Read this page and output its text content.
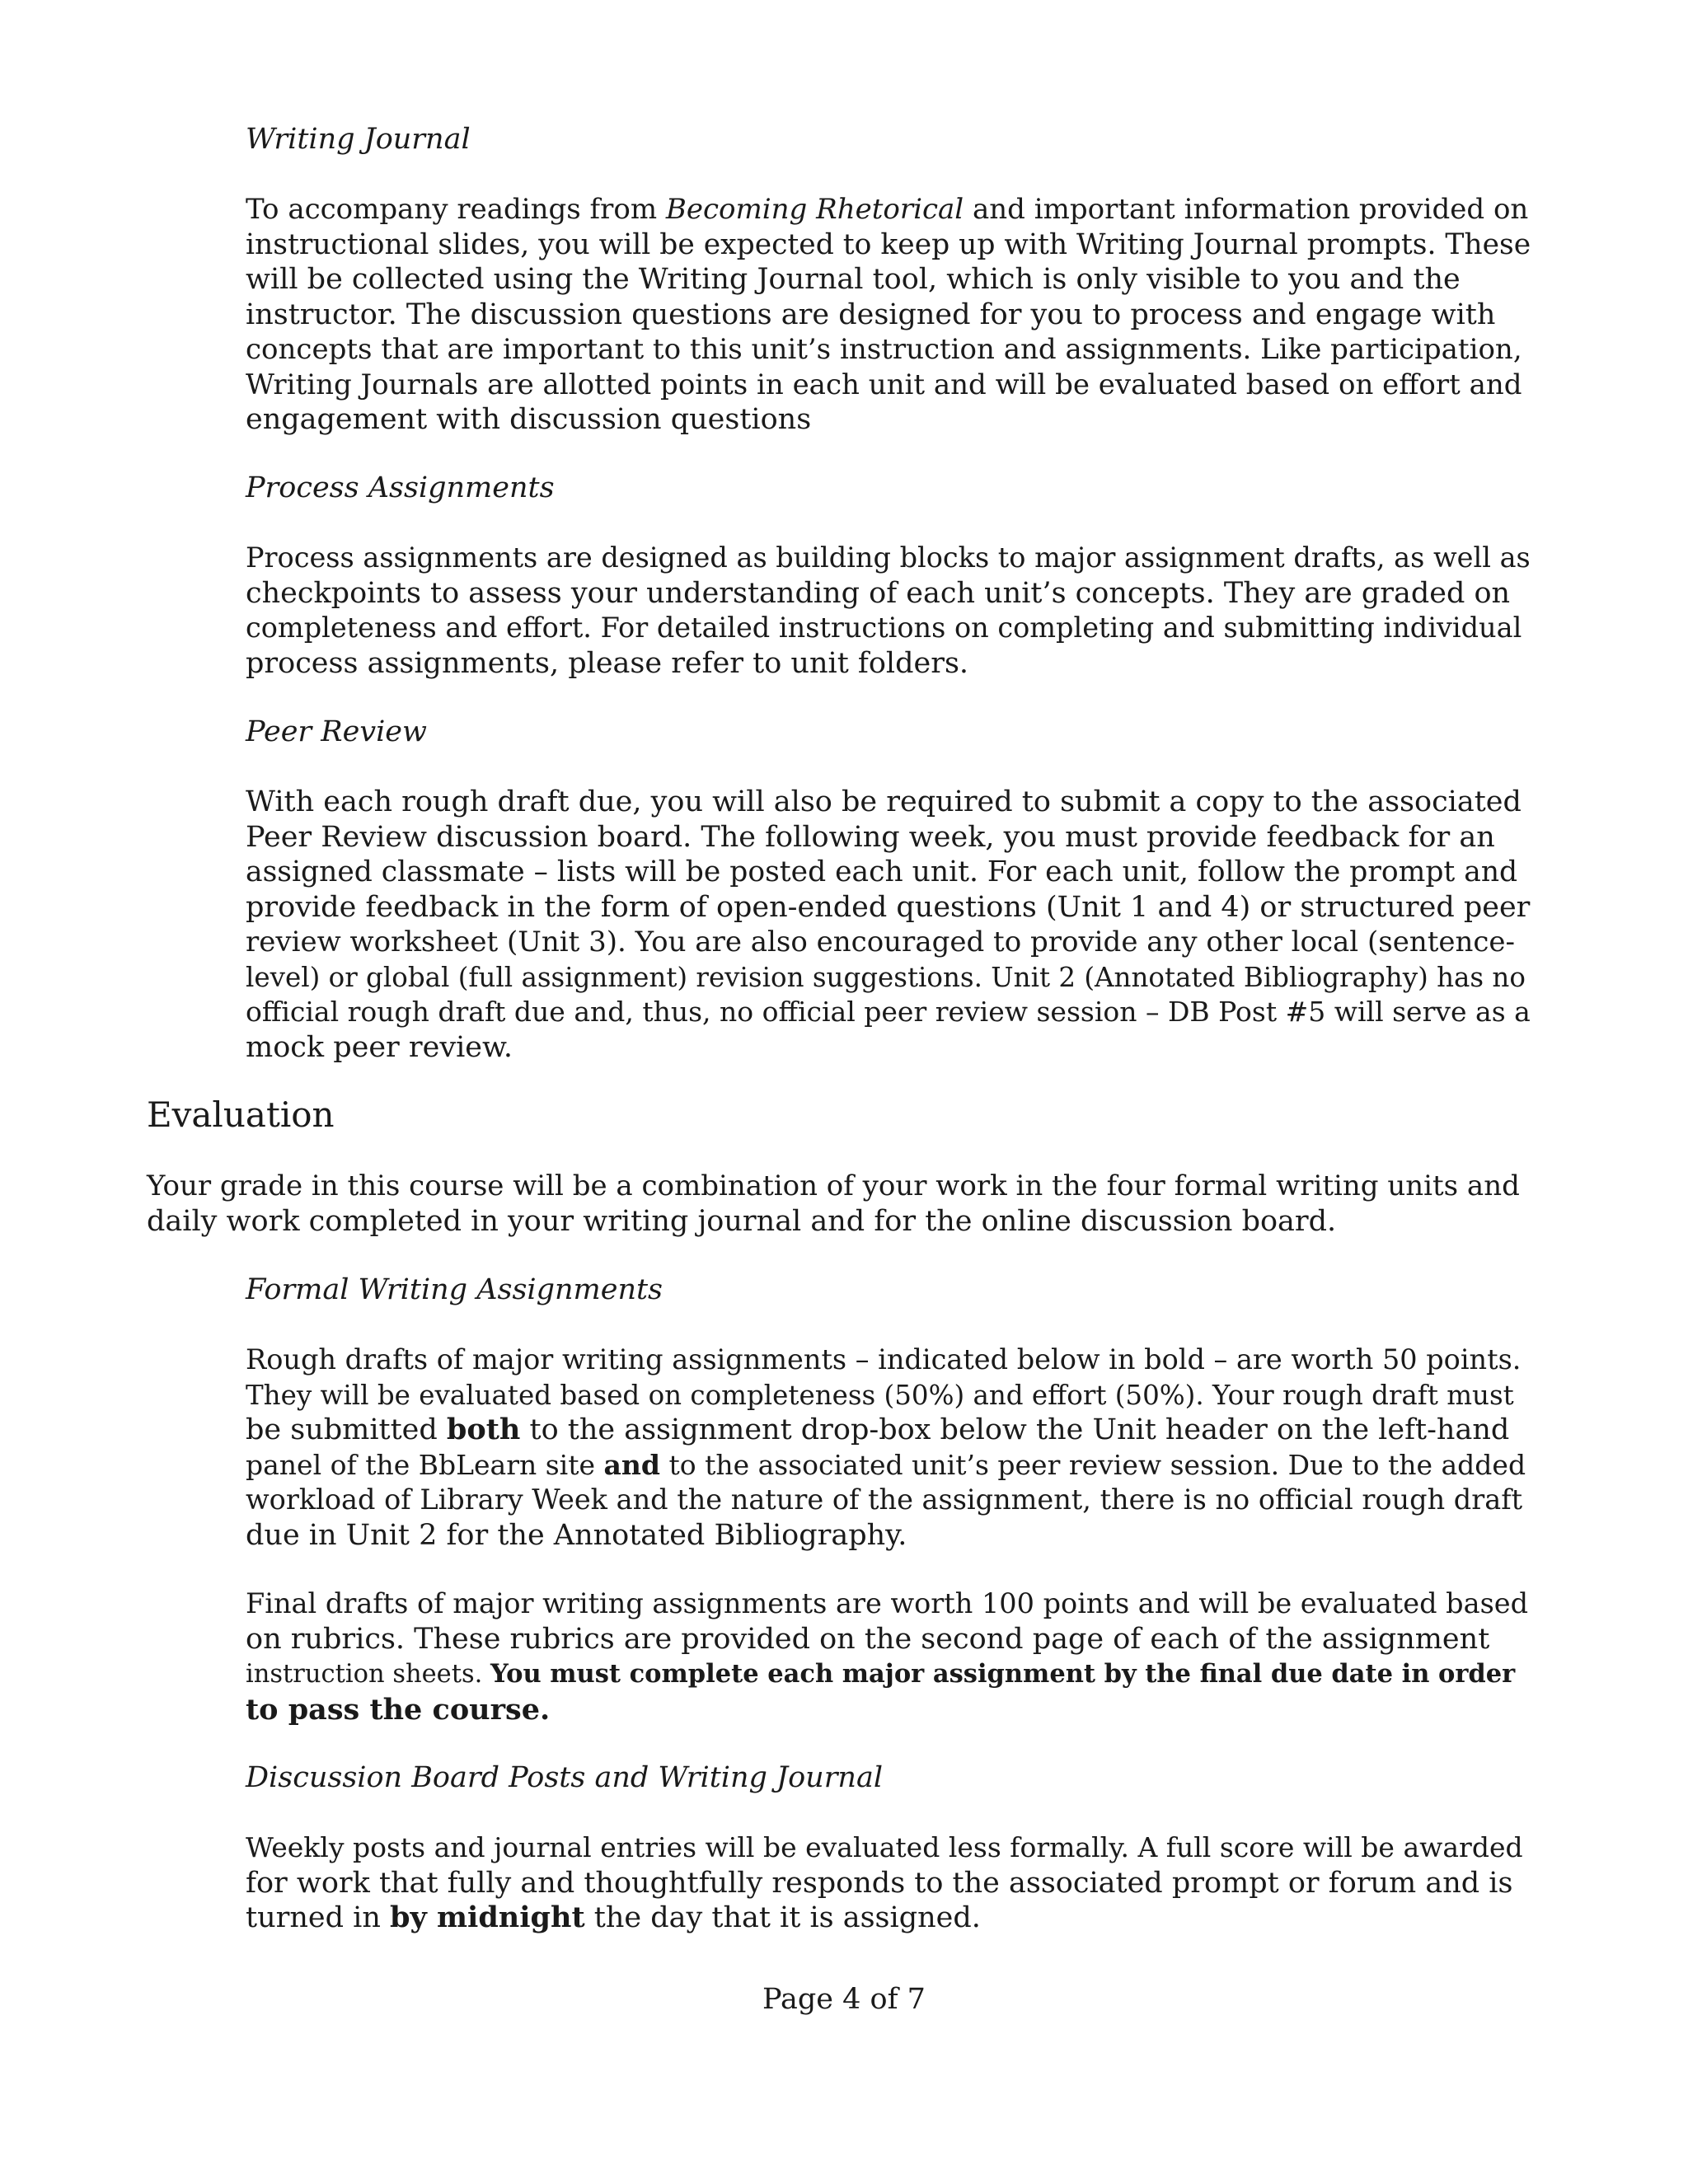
Writing Journal
To accompany readings from Becoming Rhetorical and important information provided on
instructional slides, you will be expected to keep up with Writing Journal prompts. These
will be collected using the Writing Journal tool, which is only visible to you and the
instructor. The discussion questions are designed for you to process and engage with
concepts that are important to this unit’s instruction and assignments. Like participation,
Writing Journals are allotted points in each unit and will be evaluated based on effort and
engagement with discussion questions
Process Assignments
Process assignments are designed as building blocks to major assignment drafts, as well as
checkpoints to assess your understanding of each unit’s concepts. They are graded on
completeness and effort. For detailed instructions on completing and submitting individual
process assignments, please refer to unit folders.
Peer Review
With each rough draft due, you will also be required to submit a copy to the associated
Peer Review discussion board. The following week, you must provide feedback for an
assigned classmate – lists will be posted each unit. For each unit, follow the prompt and
provide feedback in the form of open-ended questions (Unit 1 and 4) or structured peer
review worksheet (Unit 3). You are also encouraged to provide any other local (sentence-
level) or global (full assignment) revision suggestions. Unit 2 (Annotated Bibliography) has no
official rough draft due and, thus, no official peer review session – DB Post #5 will serve as a
mock peer review.
Evaluation
Your grade in this course will be a combination of your work in the four formal writing units and
daily work completed in your writing journal and for the online discussion board.
Formal Writing Assignments
Rough drafts of major writing assignments – indicated below in bold – are worth 50 points.
They will be evaluated based on completeness (50%) and effort (50%). Your rough draft must
be submitted both to the assignment drop-box below the Unit header on the left-hand
panel of the BbLearn site and to the associated unit’s peer review session. Due to the added
workload of Library Week and the nature of the assignment, there is no official rough draft
due in Unit 2 for the Annotated Bibliography.
Final drafts of major writing assignments are worth 100 points and will be evaluated based
on rubrics. These rubrics are provided on the second page of each of the assignment
instruction sheets. You must complete each major assignment by the final due date in order
to pass the course.
Discussion Board Posts and Writing Journal
Weekly posts and journal entries will be evaluated less formally. A full score will be awarded
for work that fully and thoughtfully responds to the associated prompt or forum and is
turned in by midnight the day that it is assigned.
Page 4 of 7
